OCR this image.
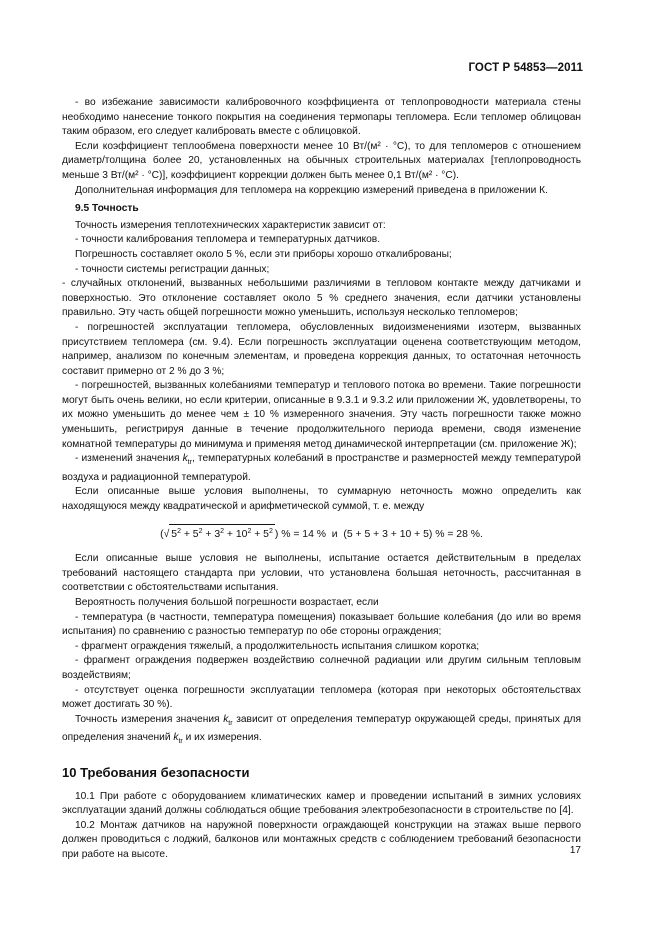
ГОСТ Р 54853—2011

- во избежание зависимости калибровочного коэффициента от теплопроводности материала стены необходимо нанесение тонкого покрытия на соединения термопары тепломера. Если тепломер облицован таким образом, его следует калибровать вместе с облицовкой.

Если коэффициент теплообмена поверхности менее 10 Вт/(м² · °С), то для тепломеров с отношением диаметр/толщина более 20, установленных на обычных строительных материалах [теплопроводность меньше 3 Вт/(м² · °С)], коэффициент коррекции должен быть менее 0,1 Вт/(м² · °С).

Дополнительная информация для тепломера на коррекцию измерений приведена в приложении К.

9.5 Точность

Точность измерения теплотехнических характеристик зависит от:

- точности калибрования тепломера и температурных датчиков.

Погрешность составляет около 5 %, если эти приборы хорошо откалиброваны;

- точности системы регистрации данных;

- случайных отклонений, вызванных небольшими различиями в тепловом контакте между датчиками и поверхностью. Это отклонение составляет около 5 % среднего значения, если датчики установлены правильно. Эту часть общей погрешности можно уменьшить, используя несколько тепломеров;

- погрешностей эксплуатации тепломера, обусловленных видоизменениями изотерм, вызванных присутствием тепломера (см. 9.4). Если погрешность эксплуатации оценена соответствующим методом, например, анализом по конечным элементам, и проведена коррекция данных, то остаточная неточность составит примерно от 2 % до 3 %;

- погрешностей, вызванных колебаниями температур и теплового потока во времени. Такие погрешности могут быть очень велики, но если критерии, описанные в 9.3.1 и 9.3.2 или приложении Ж, удовлетворены, то их можно уменьшить до менее чем ± 10 % измеренного значения. Эту часть погрешности также можно уменьшить, регистрируя данные в течение продолжительного периода времени, сводя изменение комнатной температуры до минимума и применяя метод динамической интерпретации (см. приложение Ж);

- изменений значения $k_{tr}$, температурных колебаний в пространстве и размерностей между температурой воздуха и радиационной температурой.

Если описанные выше условия выполнены, то суммарную неточность можно определить как находящуюся между квадратической и арифметической суммой, т. е. между

(√ $5^2 + 5^2 + 3^2 + 10^2 + 5^2$ ) % = 14 % и (5 + 5 + 3 + 10 + 5) % = 28 %.

Если описанные выше условия не выполнены, испытание остается действительным в пределах требований настоящего стандарта при условии, что установлена большая неточность, рассчитанная в соответствии с обстоятельствами испытания.

Вероятность получения большой погрешности возрастает, если

- температура (в частности, температура помещения) показывает большие колебания (до или во время испытания) по сравнению с разностью температур по обе стороны ограждения;

- фрагмент ограждения тяжелый, а продолжительность испытания слишком коротка;

- фрагмент ограждения подвержен воздействию солнечной радиации или другим сильным тепловым воздействиям;

- отсутствует оценка погрешности эксплуатации тепломера (которая при некоторых обстоятельствах может достигать 30 %).

Точность измерения значения $k_{tr}$ зависит от определения температур окружающей среды, принятых для определения значений $k_{tr}$ и их измерения.

10 Требования безопасности

10.1 При работе с оборудованием климатических камер и проведении испытаний в зимних условиях эксплуатации зданий должны соблюдаться общие требования электробезопасности в строительстве по [4].

10.2 Монтаж датчиков на наружной поверхности ограждающей конструкции на этажах выше первого должен проводиться с лоджий, балконов или монтажных средств с соблюдением требований безопасности при работе на высоте.	17
